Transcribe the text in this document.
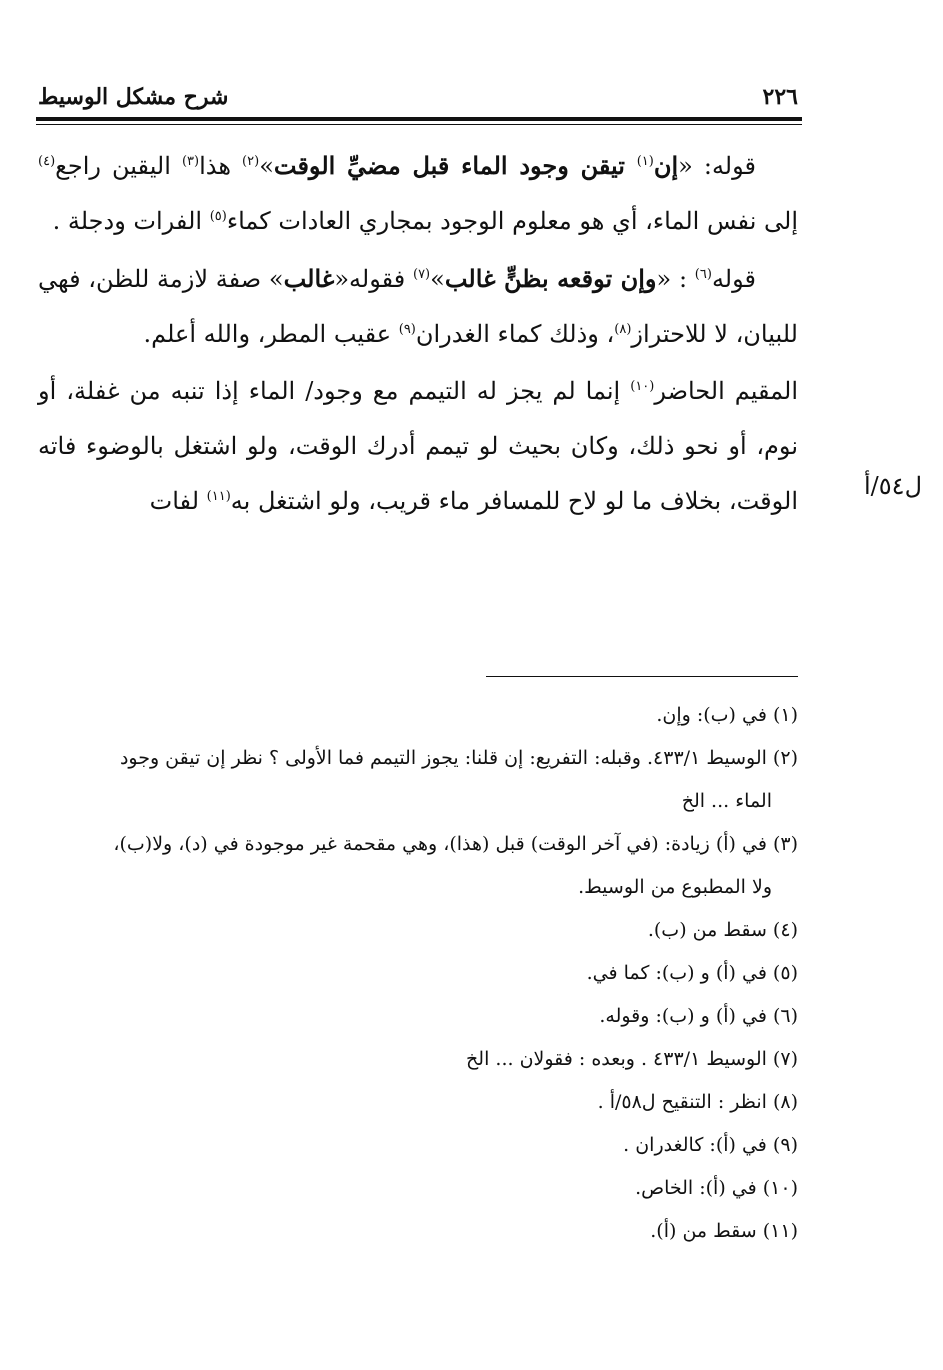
٢٢٦
شرح مشكل الوسيط

قوله: «إن$^{(١)}$ تيقن وجود الماء قبل مضيِّ الوقت»$^{(٢)}$ هذا$^{(٣)}$ اليقين راجع$^{(٤)}$ إلى نفس الماء، أي هو معلوم الوجود بمجاري العادات كماء$^{(٥)}$ الفرات ودجلة .

قوله$^{(٦)}$ : «وإن توقعه بظنٍّ غالب»$^{(٧)}$ فقوله«غالب» صفة لازمة للظن، فهي للبيان، لا للاحتراز$^{(٨)}$، وذلك كماء الغدران$^{(٩)}$ عقيب المطر، والله أعلم.

المقيم الحاضر$^{(١٠)}$ إنما لم يجز له التيمم مع وجود/ الماء إذا تنبه من غفلة، أو نوم، أو نحو ذلك، وكان بحيث لو تيمم أدرك الوقت، ولو اشتغل بالوضوء فاته الوقت، بخلاف ما لو لاح للمسافر ماء قريب، ولو اشتغل به$^{(١١)}$ لفات

ل٥٤/أ

(١) في (ب): وإن.

(٢) الوسيط ٤٣٣/١. وقبله: التفريع: إن قلنا: يجوز التيمم فما الأولى ؟ نظر إن تيقن وجود
الماء ... الخ

(٣) في (أ) زيادة: (في آخر الوقت) قبل (هذا)، وهي مقحمة غير موجودة في (د)، ولا(ب)،
ولا المطبوع من الوسيط.

(٤) سقط من (ب).

(٥) في (أ) و (ب): كما في.

(٦) في (أ) و (ب): وقوله.

(٧) الوسيط ٤٣٣/١ . وبعده : فقولان ... الخ

(٨) انظر : التنقيح ل٥٨/أ .

(٩) في (أ): كالغدران .

(١٠) في (أ): الخاص.

(١١) سقط من (أ).
